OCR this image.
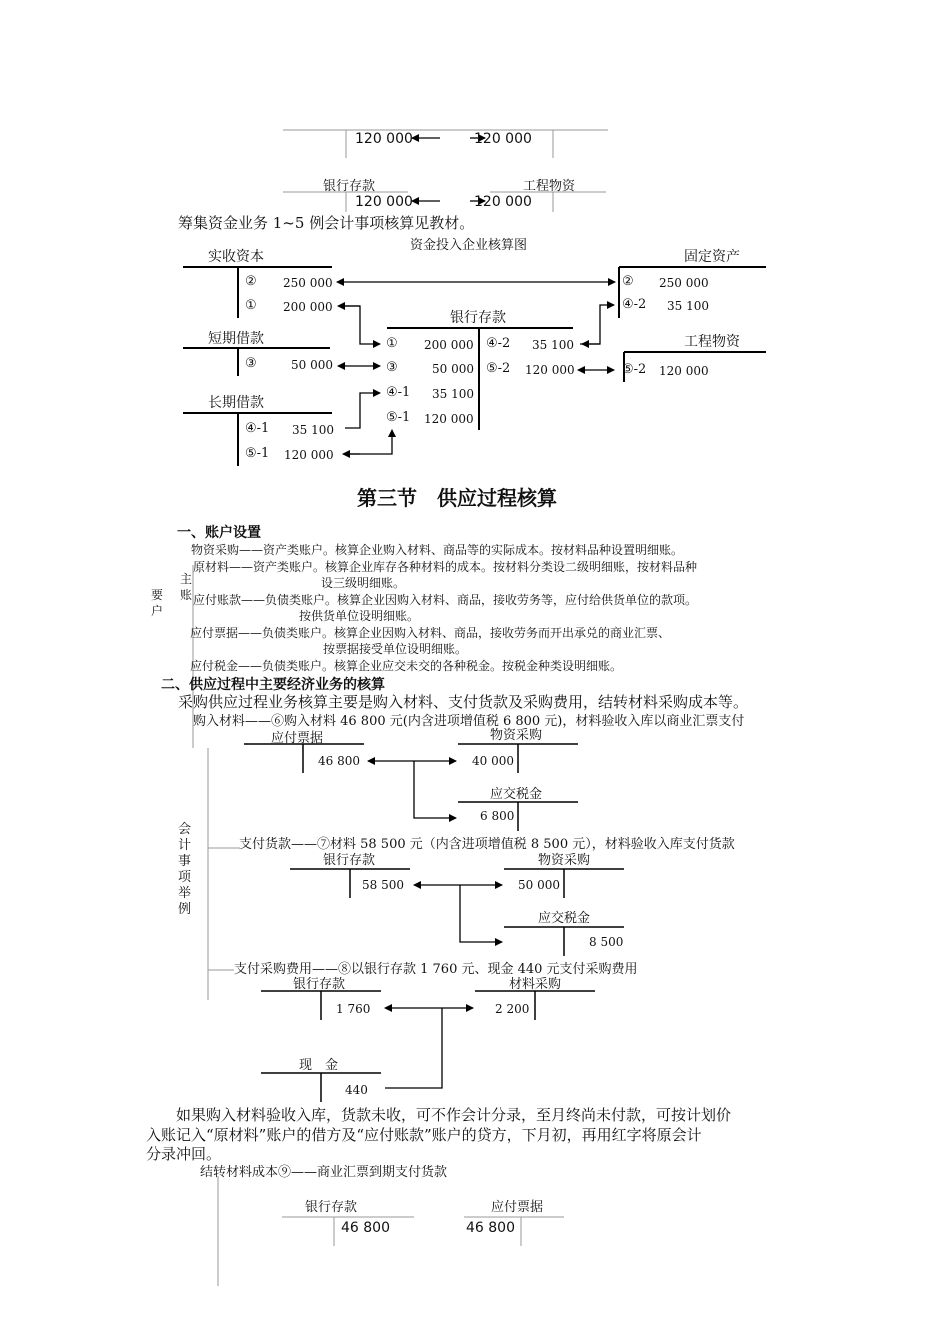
120 000	120 000
银行存款	工程物资
120 000	120 000
筹集资金业务 1~5 例会计事项核算见教材。
资金投入企业核算图
实收资本
② 250 000
① 200 000
短期借款
③	50 000
长期借款
④-1 35 100
⑤-1 120 000
银行存款
① 200 000
③	50 000
④-1 35 100
⑤-1 120 000
④-2 35 100
⑤-2 120 000
固定资产
② 250 000
④-2 35 100
工程物资
⑤-2 120 000
第三节　供应过程核算
一、账户设置
主
账
要
户
物资采购——资产类账户。核算企业购入材料、商品等的实际成本。按材料品种设置明细账。
原材料——资产类账户。核算企业库存各种材料的成本。按材料分类设二级明细账，按材料品种
设三级明细账。
应付账款——负债类账户。核算企业因购入材料、商品，接收劳务等，应付给供货单位的款项。
按供货单位设明细账。
应付票据——负债类账户。核算企业因购入材料、商品，接收劳务而开出承兑的商业汇票、
按票据接受单位设明细账。
应付税金——负债类账户。核算企业应交未交的各种税金。按税金种类设明细账。
二、供应过程中主要经济业务的核算
采购供应过程业务核算主要是购入材料、支付货款及采购费用，结转材料采购成本等。
购入材料——⑥购入材料 46 800 元(内含进项增值税 6 800 元)，材料验收入库以商业汇票支付
会
计
事
项
举
例
应付票据
46 800
物资采购
40 000
应交税金
6 800
支付货款——⑦材料 58 500 元（内含进项增值税 8 500 元），材料验收入库支付货款
银行存款
58 500
物资采购
50 000
应交税金
8 500
支付采购费用——⑧以银行存款 1 760 元、现金 440 元支付采购费用
银行存款
1 760
材料采购
2 200
现　金
440
如果购入材料验收入库，货款未收，可不作会计分录，至月终尚未付款，可按计划价
入账记入“原材料”账户的借方及“应付账款”账户的贷方，下月初，再用红字将原会计
分录冲回。
结转材料成本⑨——商业汇票到期支付货款
银行存款
46 800
应付票据
46 800
